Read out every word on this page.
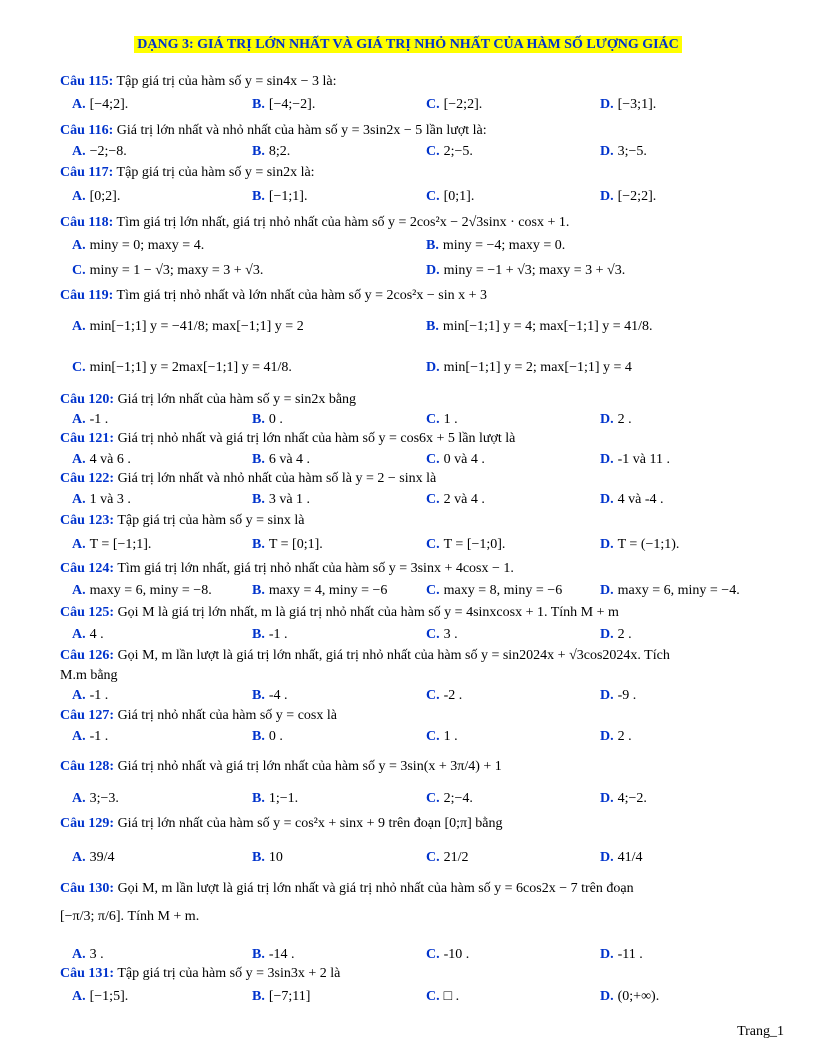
DẠNG 3: GIÁ TRỊ LỚN NHẤT VÀ GIÁ TRỊ NHỎ NHẤT CỦA HÀM SỐ LƯỢNG GIÁC
Câu 115: Tập giá trị của hàm số y = sin4x − 3 là:
A. [−4;2].	B. [−4;−2].	C. [−2;2].	D. [−3;1].
Câu 116: Giá trị lớn nhất và nhỏ nhất của hàm số y = 3sin2x − 5 lần lượt là:
A. −2;−8.	B. 8;2.	C. 2;−5.	D. 3;−5.
Câu 117: Tập giá trị của hàm số y = sin2x là:
A. [0;2].	B. [−1;1].	C. [0;1].	D. [−2;2].
Câu 118: Tìm giá trị lớn nhất, giá trị nhỏ nhất của hàm số y = 2cos²x − 2√3sinx · cosx + 1.
A. miny = 0; maxy = 4.	B. miny = −4; maxy = 0.
C. miny = 1 − √3; maxy = 3 + √3.	D. miny = −1 + √3; maxy = 3 + √3.
Câu 119: Tìm giá trị nhỏ nhất và lớn nhất của hàm số y = 2cos²x − sin x + 3
A. min[−1;1] y = −41/8; max[−1;1] y = 2	B. min[−1;1] y = 4; max[−1;1] y = 41/8.
C. min[−1;1] y = 2max[−1;1] y = 41/8.	D. min[−1;1] y = 2; max[−1;1] y = 4
Câu 120: Giá trị lớn nhất của hàm số y = sin2x bằng
A. -1 .	B. 0 .	C. 1 .	D. 2 .
Câu 121: Giá trị nhỏ nhất và giá trị lớn nhất của hàm số y = cos6x + 5 lần lượt là
A. 4 và 6 .	B. 6 và 4 .	C. 0 và 4 .	D. -1 và 11 .
Câu 122: Giá trị lớn nhất và nhỏ nhất của hàm số là y = 2 − sinx là
A. 1 và 3 .	B. 3 và 1 .	C. 2 và 4 .	D. 4 và -4 .
Câu 123: Tập giá trị của hàm số y = sinx là
A. T = [−1;1].	B. T = [0;1].	C. T = [−1;0].	D. T = (−1;1).
Câu 124: Tìm giá trị lớn nhất, giá trị nhỏ nhất của hàm số y = 3sinx + 4cosx − 1.
A. maxy = 6, miny = −8.	B. maxy = 4, miny = −6	C. maxy = 8, miny = −6	D. maxy = 6, miny = −4.
Câu 125: Gọi M là giá trị lớn nhất, m là giá trị nhỏ nhất của hàm số y = 4sinxcosx + 1. Tính M + m
A. 4 .	B. -1 .	C. 3 .	D. 2 .
Câu 126: Gọi M, m lần lượt là giá trị lớn nhất, giá trị nhỏ nhất của hàm số y = sin2024x + √3cos2024x. Tích
M.m bằng
A. -1 .	B. -4 .	C. -2 .	D. -9 .
Câu 127: Giá trị nhỏ nhất của hàm số y = cosx là
A. -1 .	B. 0 .	C. 1 .	D. 2 .
Câu 128: Giá trị nhỏ nhất và giá trị lớn nhất của hàm số y = 3sin(x + 3π/4) + 1
A. 3;−3.	B. 1;−1.	C. 2;−4.	D. 4;−2.
Câu 129: Giá trị lớn nhất của hàm số y = cos²x + sinx + 9 trên đoạn [0;π] bằng
A. 39/4	B. 10	C. 21/2	D. 41/4
Câu 130: Gọi M, m lần lượt là giá trị lớn nhất và giá trị nhỏ nhất của hàm số y = 6cos2x − 7 trên đoạn
[−π/3; π/6]. Tính M + m.
A. 3 .	B. -14 .	C. -10 .	D. -11 .
Câu 131: Tập giá trị của hàm số y = 3sin3x + 2 là
A. [−1;5].	B. [−7;11]	C. □ .	D. (0;+∞).
Trang_1
